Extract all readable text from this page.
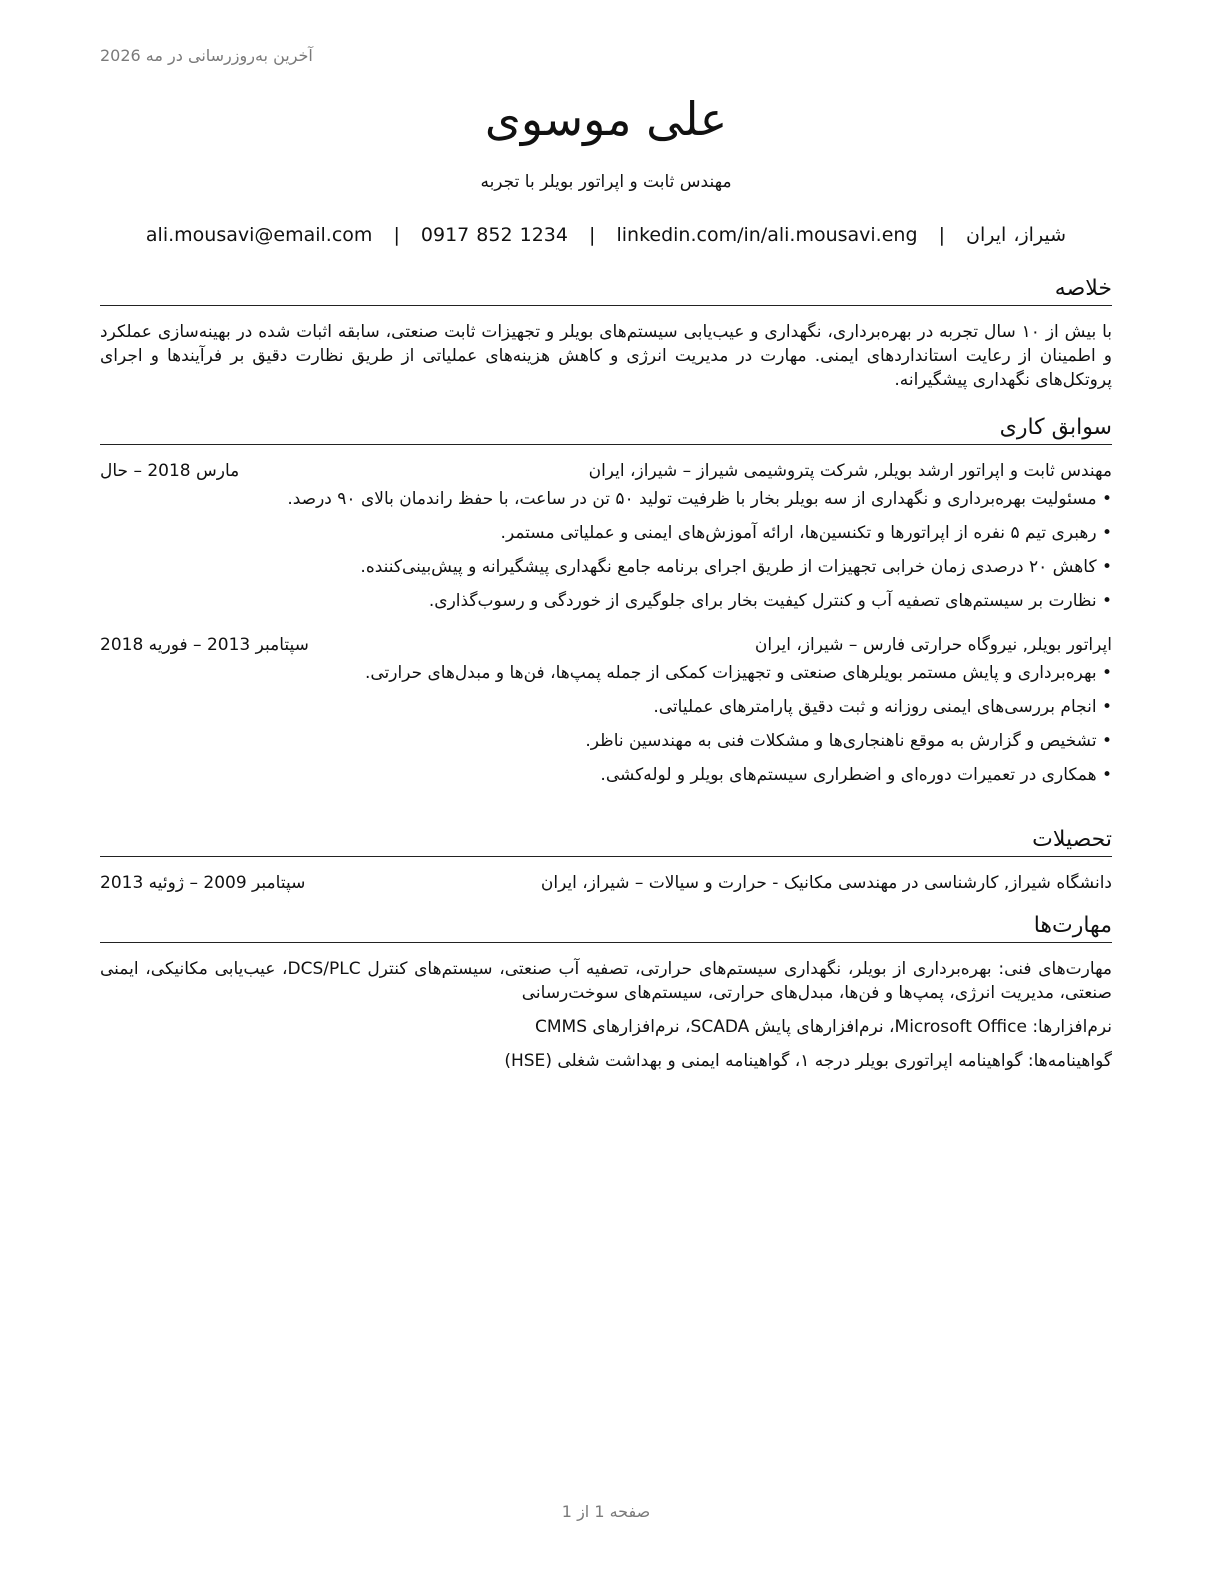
آخرین به‌روزرسانی در مه 2026
علی موسوی
مهندس ثابت و اپراتور بویلر با تجربه
شیراز، ایران | ali.mousavi@email.com | 0917 852 1234 | linkedin.com/in/ali.mousavi.eng
خلاصه
با بیش از ۱۰ سال تجربه در بهره‌برداری، نگهداری و عیب‌یابی سیستم‌های بویلر و تجهیزات ثابت صنعتی، سابقه اثبات شده در بهینه‌سازی عملکرد و اطمینان از رعایت استانداردهای ایمنی. مهارت در مدیریت انرژی و کاهش هزینه‌های عملیاتی از طریق نظارت دقیق بر فرآیندها و اجرای پروتکل‌های نگهداری پیشگیرانه.
سوابق کاری
مهندس ثابت و اپراتور ارشد بویلر, شرکت پتروشیمی شیراز – شیراز، ایران
مارس 2018 – حال
• مسئولیت بهره‌برداری و نگهداری از سه بویلر بخار با ظرفیت تولید ۵۰ تن در ساعت، با حفظ راندمان بالای ۹۰ درصد.
• رهبری تیم ۵ نفره از اپراتورها و تکنسین‌ها، ارائه آموزش‌های ایمنی و عملیاتی مستمر.
• کاهش ۲۰ درصدی زمان خرابی تجهیزات از طریق اجرای برنامه جامع نگهداری پیشگیرانه و پیش‌بینی‌کننده.
• نظارت بر سیستم‌های تصفیه آب و کنترل کیفیت بخار برای جلوگیری از خوردگی و رسوب‌گذاری.
اپراتور بویلر, نیروگاه حرارتی فارس – شیراز، ایران
سپتامبر 2013 – فوریه 2018
• بهره‌برداری و پایش مستمر بویلرهای صنعتی و تجهیزات کمکی از جمله پمپ‌ها، فن‌ها و مبدل‌های حرارتی.
• انجام بررسی‌های ایمنی روزانه و ثبت دقیق پارامترهای عملیاتی.
• تشخیص و گزارش به موقع ناهنجاری‌ها و مشکلات فنی به مهندسین ناظر.
• همکاری در تعمیرات دوره‌ای و اضطراری سیستم‌های بویلر و لوله‌کشی.
تحصیلات
دانشگاه شیراز, کارشناسی در مهندسی مکانیک - حرارت و سیالات – شیراز، ایران
سپتامبر 2009 – ژوئیه 2013
مهارت‌ها
مهارت‌های فنی: بهره‌برداری از بویلر، نگهداری سیستم‌های حرارتی، تصفیه آب صنعتی، سیستم‌های کنترل DCS/PLC، عیب‌یابی مکانیکی، ایمنی صنعتی، مدیریت انرژی، پمپ‌ها و فن‌ها، مبدل‌های حرارتی، سیستم‌های سوخت‌رسانی
نرم‌افزارها: Microsoft Office، نرم‌افزارهای پایش SCADA، نرم‌افزارهای CMMS
گواهینامه‌ها: گواهینامه اپراتوری بویلر درجه ۱، گواهینامه ایمنی و بهداشت شغلی (HSE)
صفحه 1 از 1
